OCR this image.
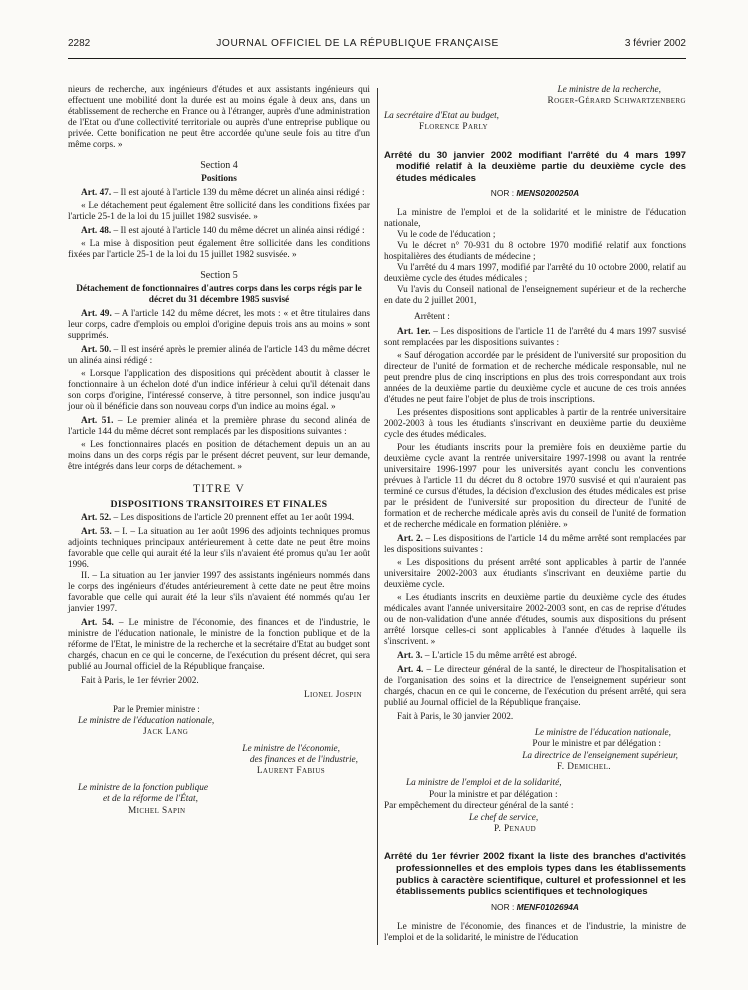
2282	JOURNAL OFFICIEL DE LA RÉPUBLIQUE FRANÇAISE	3 février 2002

nieurs de recherche, aux ingénieurs d'études et aux assistants ingénieurs qui effectuent une mobilité dont la durée est au moins égale à deux ans, dans un établissement de recherche en France ou à l'étranger, auprès d'une administration de l'Etat ou d'une collectivité territoriale ou auprès d'une entreprise publique ou privée. Cette bonification ne peut être accordée qu'une seule fois au titre d'un même corps. »

Section 4
Positions

Art. 47. – Il est ajouté à l'article 139 du même décret un alinéa ainsi rédigé :

« Le détachement peut également être sollicité dans les conditions fixées par l'article 25-1 de la loi du 15 juillet 1982 susvisée. »

Art. 48. – Il est ajouté à l'article 140 du même décret un alinéa ainsi rédigé :

« La mise à disposition peut également être sollicitée dans les conditions fixées par l'article 25-1 de la loi du 15 juillet 1982 susvisée. »

Section 5
Détachement de fonctionnaires d'autres corps dans les corps régis par le décret du 31 décembre 1985 susvisé

Art. 49. – A l'article 142 du même décret, les mots : « et être titulaires dans leur corps, cadre d'emplois ou emploi d'origine depuis trois ans au moins » sont supprimés.

Art. 50. – Il est inséré après le premier alinéa de l'article 143 du même décret un alinéa ainsi rédigé :

« Lorsque l'application des dispositions qui précèdent aboutit à classer le fonctionnaire à un échelon doté d'un indice inférieur à celui qu'il détenait dans son corps d'origine, l'intéressé conserve, à titre personnel, son indice jusqu'au jour où il bénéficie dans son nouveau corps d'un indice au moins égal. »

Art. 51. – Le premier alinéa et la première phrase du second alinéa de l'article 144 du même décret sont remplacés par les dispositions suivantes :

« Les fonctionnaires placés en position de détachement depuis un an au moins dans un des corps régis par le présent décret peuvent, sur leur demande, être intégrés dans leur corps de détachement. »

TITRE V
DISPOSITIONS TRANSITOIRES ET FINALES

Art. 52. – Les dispositions de l'article 20 prennent effet au 1er août 1994.

Art. 53. – I. – La situation au 1er août 1996 des adjoints techniques promus adjoints techniques principaux antérieurement à cette date ne peut être moins favorable que celle qui aurait été la leur s'ils n'avaient été promus qu'au 1er août 1996.

II. – La situation au 1er janvier 1997 des assistants ingénieurs nommés dans le corps des ingénieurs d'études antérieurement à cette date ne peut être moins favorable que celle qui aurait été la leur s'ils n'avaient été nommés qu'au 1er janvier 1997.

Art. 54. – Le ministre de l'économie, des finances et de l'industrie, le ministre de l'éducation nationale, le ministre de la fonction publique et de la réforme de l'Etat, le ministre de la recherche et la secrétaire d'Etat au budget sont chargés, chacun en ce qui le concerne, de l'exécution du présent décret, qui sera publié au Journal officiel de la République française.

Fait à Paris, le 1er février 2002.

Lionel Jospin
Par le Premier ministre :
Le ministre de l'éducation nationale,
Jack Lang
Le ministre de l'économie,
des finances et de l'industrie,
Laurent Fabius
Le ministre de la fonction publique
et de la réforme de l'État,
Michel Sapin
Le ministre de la recherche,
Roger-Gérard Schwartzenberg
La secrétaire d'Etat au budget,
Florence Parly
Arrêté du 30 janvier 2002 modifiant l'arrêté du 4 mars 1997 modifié relatif à la deuxième partie du deuxième cycle des études médicales
NOR : MENS0200250A

La ministre de l'emploi et de la solidarité et le ministre de l'éducation nationale,

Vu le code de l'éducation ;

Vu le décret n° 70-931 du 8 octobre 1970 modifié relatif aux fonctions hospitalières des étudiants de médecine ;

Vu l'arrêté du 4 mars 1997, modifié par l'arrêté du 10 octobre 2000, relatif au deuxième cycle des études médicales ;

Vu l'avis du Conseil national de l'enseignement supérieur et de la recherche en date du 2 juillet 2001,

Arrêtent :

Art. 1er. – Les dispositions de l'article 11 de l'arrêté du 4 mars 1997 susvisé sont remplacées par les dispositions suivantes :

« Sauf dérogation accordée par le président de l'université sur proposition du directeur de l'unité de formation et de recherche médicale responsable, nul ne peut prendre plus de cinq inscriptions en plus des trois correspondant aux trois années de la deuxième partie du deuxième cycle et aucune de ces trois années d'études ne peut faire l'objet de plus de trois inscriptions.

Les présentes dispositions sont applicables à partir de la rentrée universitaire 2002-2003 à tous les étudiants s'inscrivant en deuxième partie du deuxième cycle des études médicales.

Pour les étudiants inscrits pour la première fois en deuxième partie du deuxième cycle avant la rentrée universitaire 1997-1998 ou avant la rentrée universitaire 1996-1997 pour les universités ayant conclu les conventions prévues à l'article 11 du décret du 8 octobre 1970 susvisé et qui n'auraient pas terminé ce cursus d'études, la décision d'exclusion des études médicales est prise par le président de l'université sur proposition du directeur de l'unité de formation et de recherche médicale après avis du conseil de l'unité de formation et de recherche médicale en formation plénière. »

Art. 2. – Les dispositions de l'article 14 du même arrêté sont remplacées par les dispositions suivantes :

« Les dispositions du présent arrêté sont applicables à partir de l'année universitaire 2002-2003 aux étudiants s'inscrivant en deuxième partie du deuxième cycle.

« Les étudiants inscrits en deuxième partie du deuxième cycle des études médicales avant l'année universitaire 2002-2003 sont, en cas de reprise d'études ou de non-validation d'une année d'études, soumis aux dispositions du présent arrêté lorsque celles-ci sont applicables à l'année d'études à laquelle ils s'inscrivent. »

Art. 3. – L'article 15 du même arrêté est abrogé.

Art. 4. – Le directeur général de la santé, le directeur de l'hospitalisation et de l'organisation des soins et la directrice de l'enseignement supérieur sont chargés, chacun en ce qui le concerne, de l'exécution du présent arrêté, qui sera publié au Journal officiel de la République française.

Fait à Paris, le 30 janvier 2002.

Le ministre de l'éducation nationale,
Pour le ministre et par délégation :
La directrice de l'enseignement supérieur,
F. Demichel.
La ministre de l'emploi et de la solidarité,
Pour la ministre et par délégation :
Par empêchement du directeur général de la santé :
Le chef de service,
P. Penaud
Arrêté du 1er février 2002 fixant la liste des branches d'activités professionnelles et des emplois types dans les établissements publics à caractère scientifique, culturel et professionnel et les établissements publics scientifiques et technologiques
NOR : MENF0102694A

Le ministre de l'économie, des finances et de l'industrie, la ministre de l'emploi et de la solidarité, le ministre de l'éducation
